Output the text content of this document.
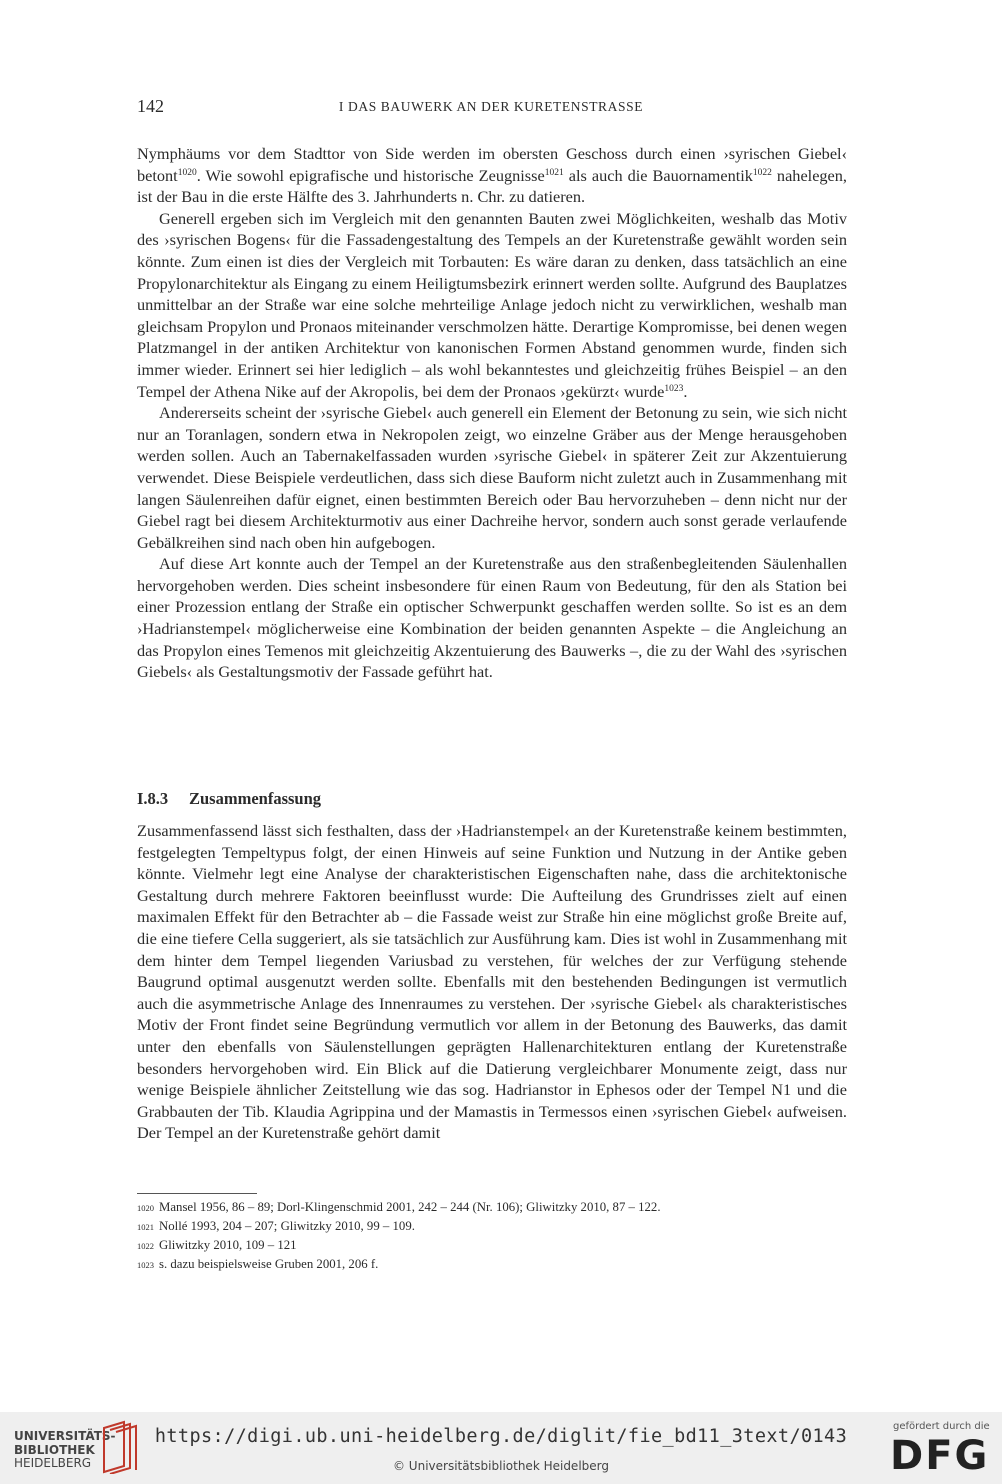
142	I DAS BAUWERK AN DER KURETENSTRASSE

Nymphäums vor dem Stadttor von Side werden im obersten Geschoss durch einen ›syrischen Giebel‹ betont$^{1020}$. Wie sowohl epigrafische und historische Zeugnisse$^{1021}$ als auch die Bauornamentik$^{1022}$ nahelegen, ist der Bau in die erste Hälfte des 3. Jahrhunderts n. Chr. zu datieren.

Generell ergeben sich im Vergleich mit den genannten Bauten zwei Möglichkeiten, weshalb das Motiv des ›syrischen Bogens‹ für die Fassadengestaltung des Tempels an der Kuretenstraße gewählt worden sein könnte. Zum einen ist dies der Vergleich mit Torbauten: Es wäre daran zu denken, dass tatsächlich an eine Propylonarchitektur als Eingang zu einem Heiligtumsbezirk erinnert werden sollte. Aufgrund des Bauplatzes unmittelbar an der Straße war eine solche mehrteilige Anlage jedoch nicht zu verwirklichen, weshalb man gleichsam Propylon und Pronaos miteinander verschmolzen hätte. Derartige Kompromisse, bei denen wegen Platzmangel in der antiken Architektur von kanonischen Formen Abstand genommen wurde, finden sich immer wieder. Erinnert sei hier lediglich – als wohl bekanntestes und gleichzeitig frühes Beispiel – an den Tempel der Athena Nike auf der Akropolis, bei dem der Pronaos ›gekürzt‹ wurde$^{1023}$.

Andererseits scheint der ›syrische Giebel‹ auch generell ein Element der Betonung zu sein, wie sich nicht nur an Toranlagen, sondern etwa in Nekropolen zeigt, wo einzelne Gräber aus der Menge herausgehoben werden sollen. Auch an Tabernakelfassaden wurden ›syrische Giebel‹ in späterer Zeit zur Akzentuierung verwendet. Diese Beispiele verdeutlichen, dass sich diese Bauform nicht zuletzt auch in Zusammenhang mit langen Säulenreihen dafür eignet, einen bestimmten Bereich oder Bau hervorzuheben – denn nicht nur der Giebel ragt bei diesem Architekturmotiv aus einer Dachreihe hervor, sondern auch sonst gerade verlaufende Gebälkreihen sind nach oben hin aufgebogen.

Auf diese Art konnte auch der Tempel an der Kuretenstraße aus den straßenbegleitenden Säulenhallen hervorgehoben werden. Dies scheint insbesondere für einen Raum von Bedeutung, für den als Station bei einer Prozession entlang der Straße ein optischer Schwerpunkt geschaffen werden sollte. So ist es an dem ›Hadrianstempel‹ möglicherweise eine Kombination der beiden genannten Aspekte – die Angleichung an das Propylon eines Temenos mit gleichzeitig Akzentuierung des Bauwerks –, die zu der Wahl des ›syrischen Giebels‹ als Gestaltungsmotiv der Fassade geführt hat.

I.8.3 Zusammenfassung

Zusammenfassend lässt sich festhalten, dass der ›Hadrianstempel‹ an der Kuretenstraße keinem bestimmten, festgelegten Tempeltypus folgt, der einen Hinweis auf seine Funktion und Nutzung in der Antike geben könnte. Vielmehr legt eine Analyse der charakteristischen Eigenschaften nahe, dass die architektonische Gestaltung durch mehrere Faktoren beeinflusst wurde: Die Aufteilung des Grundrisses zielt auf einen maximalen Effekt für den Betrachter ab – die Fassade weist zur Straße hin eine möglichst große Breite auf, die eine tiefere Cella suggeriert, als sie tatsächlich zur Ausführung kam. Dies ist wohl in Zusammenhang mit dem hinter dem Tempel liegenden Variusbad zu verstehen, für welches der zur Verfügung stehende Baugrund optimal ausgenutzt werden sollte. Ebenfalls mit den bestehenden Bedingungen ist vermutlich auch die asymmetrische Anlage des Innenraumes zu verstehen. Der ›syrische Giebel‹ als charakteristisches Motiv der Front findet seine Begründung vermutlich vor allem in der Betonung des Bauwerks, das damit unter den ebenfalls von Säulenstellungen geprägten Hallenarchitekturen entlang der Kuretenstraße besonders hervorgehoben wird. Ein Blick auf die Datierung vergleichbarer Monumente zeigt, dass nur wenige Beispiele ähnlicher Zeitstellung wie das sog. Hadrianstor in Ephesos oder der Tempel N1 und die Grabbauten der Tib. Klaudia Agrippina und der Mamastis in Termessos einen ›syrischen Giebel‹ aufweisen. Der Tempel an der Kuretenstraße gehört damit

1020 Mansel 1956, 86 – 89; Dorl-Klingenschmid 2001, 242 – 244 (Nr. 106); Gliwitzky 2010, 87 – 122.
1021 Nollé 1993, 204 – 207; Gliwitzky 2010, 99 – 109.
1022 Gliwitzky 2010, 109 – 121
1023 s. dazu beispielsweise Gruben 2001, 206 f.
UNIVERSITÄTS-
BIBLIOTHEK
HEIDELBERG
https://digi.ub.uni-heidelberg.de/diglit/fie_bd11_3text/0143
© Universitätsbibliothek Heidelberg
gefördert durch die
DFG
